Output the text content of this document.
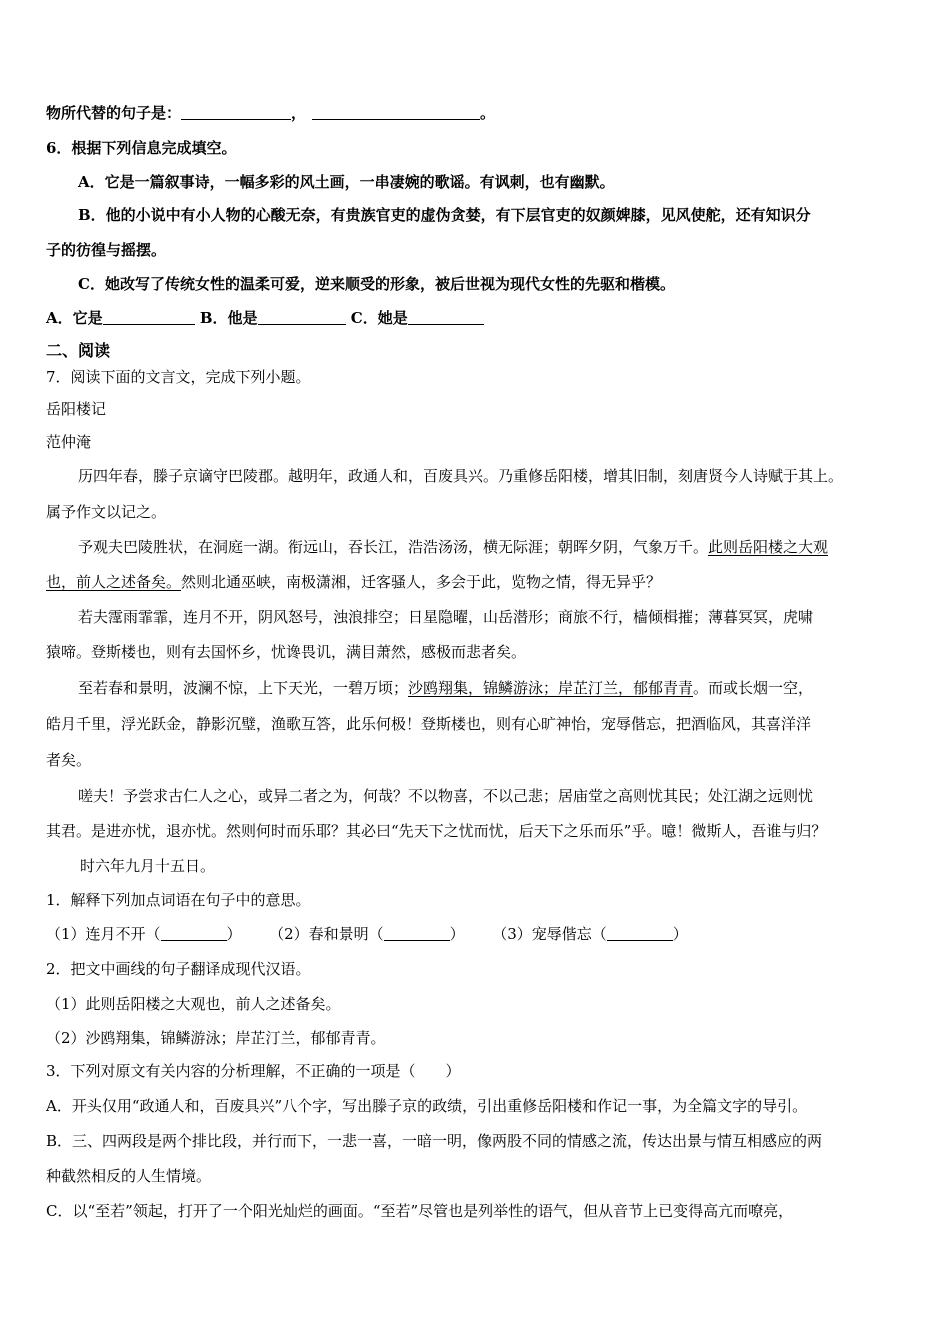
物所代替的句子是：	，	。
6．根据下列信息完成填空。
A．它是一篇叙事诗，一幅多彩的风土画，一串凄婉的歌谣。有讽刺，也有幽默。
B．他的小说中有小人物的心酸无奈，有贵族官吏的虚伪贪婪，有下层官吏的奴颜婢膝，见风使舵，还有知识分
子的彷徨与摇摆。
C．她改写了传统女性的温柔可爱，逆来顺受的形象，被后世视为现代女性的先驱和楷模。
A．它是	B．他是	C．她是
二、阅读
7．阅读下面的文言文，完成下列小题。
岳阳楼记
范仲淹
历四年春，滕子京谪守巴陵郡。越明年，政通人和，百废具兴。乃重修岳阳楼，增其旧制，刻唐贤今人诗赋于其上。
属予作文以记之。
予观夫巴陵胜状，在洞庭一湖。衔远山，吞长江，浩浩汤汤，横无际涯；朝晖夕阴，气象万千。此则岳阳楼之大观
也，前人之述备矣。然则北通巫峡，南极潇湘，迁客骚人，多会于此，览物之情，得无异乎？
若夫霪雨霏霏，连月不开，阴风怒号，浊浪排空；日星隐曜，山岳潜形；商旅不行，樯倾楫摧；薄暮冥冥，虎啸
猿啼。登斯楼也，则有去国怀乡，忧谗畏讥，满目萧然，感极而悲者矣。
至若春和景明，波澜不惊，上下天光，一碧万顷；沙鸥翔集，锦鳞游泳；岸芷汀兰，郁郁青青。而或长烟一空，
皓月千里，浮光跃金，静影沉璧，渔歌互答，此乐何极！登斯楼也，则有心旷神怡，宠辱偕忘，把酒临风，其喜洋洋
者矣。
嗟夫！予尝求古仁人之心，或异二者之为，何哉？不以物喜，不以己悲；居庙堂之高则忧其民；处江湖之远则忧
其君。是进亦忧，退亦忧。然则何时而乐耶？其必曰“先天下之忧而忧，后天下之乐而乐”乎。噫！微斯人，吾谁与归？
时六年九月十五日。
1．解释下列加点词语在句子中的意思。
（1）连月不开（	） （2）春和景明（	） （3）宠辱偕忘（	）
2．把文中画线的句子翻译成现代汉语。
（1）此则岳阳楼之大观也，前人之述备矣。
（2）沙鸥翔集，锦鳞游泳；岸芷汀兰，郁郁青青。
3．下列对原文有关内容的分析理解，不正确的一项是（　　）
A．开头仅用“政通人和，百废具兴”八个字，写出滕子京的政绩，引出重修岳阳楼和作记一事，为全篇文字的导引。
B．三、四两段是两个排比段，并行而下，一悲一喜，一暗一明，像两股不同的情感之流，传达出景与情互相感应的两
种截然相反的人生情境。
C．以“至若”领起，打开了一个阳光灿烂的画面。“至若”尽管也是列举性的语气，但从音节上已变得高亢而嘹亮，
